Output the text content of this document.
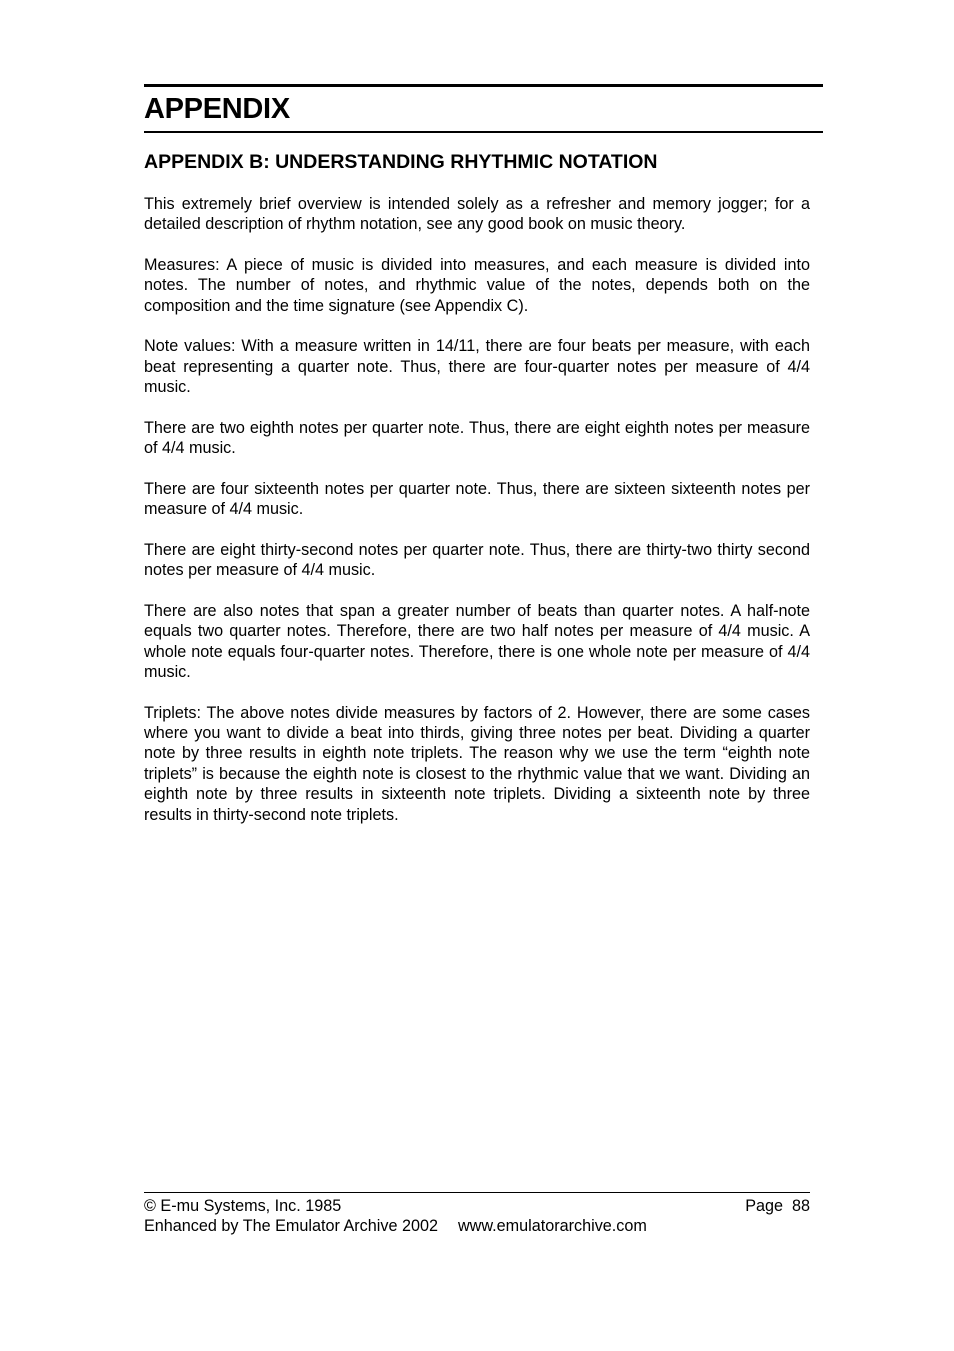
APPENDIX
APPENDIX B: UNDERSTANDING RHYTHMIC NOTATION

This extremely brief overview is intended solely as a refresher and memory jogger; for a detailed description of rhythm notation, see any good book on music theory.

Measures: A piece of music is divided into measures, and each measure is divided into notes. The number of notes, and rhythmic value of the notes, depends both on the composition and the time signature (see Appendix C).

Note values: With a measure written in 14/11, there are four beats per measure, with each beat representing a quarter note. Thus, there are four-quarter notes per measure of 4/4 music.

There are two eighth notes per quarter note. Thus, there are eight eighth notes per measure of 4/4 music.

There are four sixteenth notes per quarter note. Thus, there are sixteen sixteenth notes per measure of 4/4 music.

There are eight thirty-second notes per quarter note. Thus, there are thirty-two thirty second notes per measure of 4/4 music.

There are also notes that span a greater number of beats than quarter notes. A half-note equals two quarter notes. Therefore, there are two half notes per measure of 4/4 music. A whole note equals four-quarter notes. Therefore, there is one whole note per measure of 4/4 music.

Triplets: The above notes divide measures by factors of 2. However, there are some cases where you want to divide a beat into thirds, giving three notes per beat. Dividing a quarter note by three results in eighth note triplets. The reason why we use the term “eighth note triplets” is because the eighth note is closest to the rhythmic value that we want. Dividing an eighth note by three results in sixteenth note triplets. Dividing a sixteenth note by three results in thirty-second note triplets.

© E-mu Systems, Inc. 1985	Page  88
Enhanced by The Emulator Archive 2002 www.emulatorarchive.com
